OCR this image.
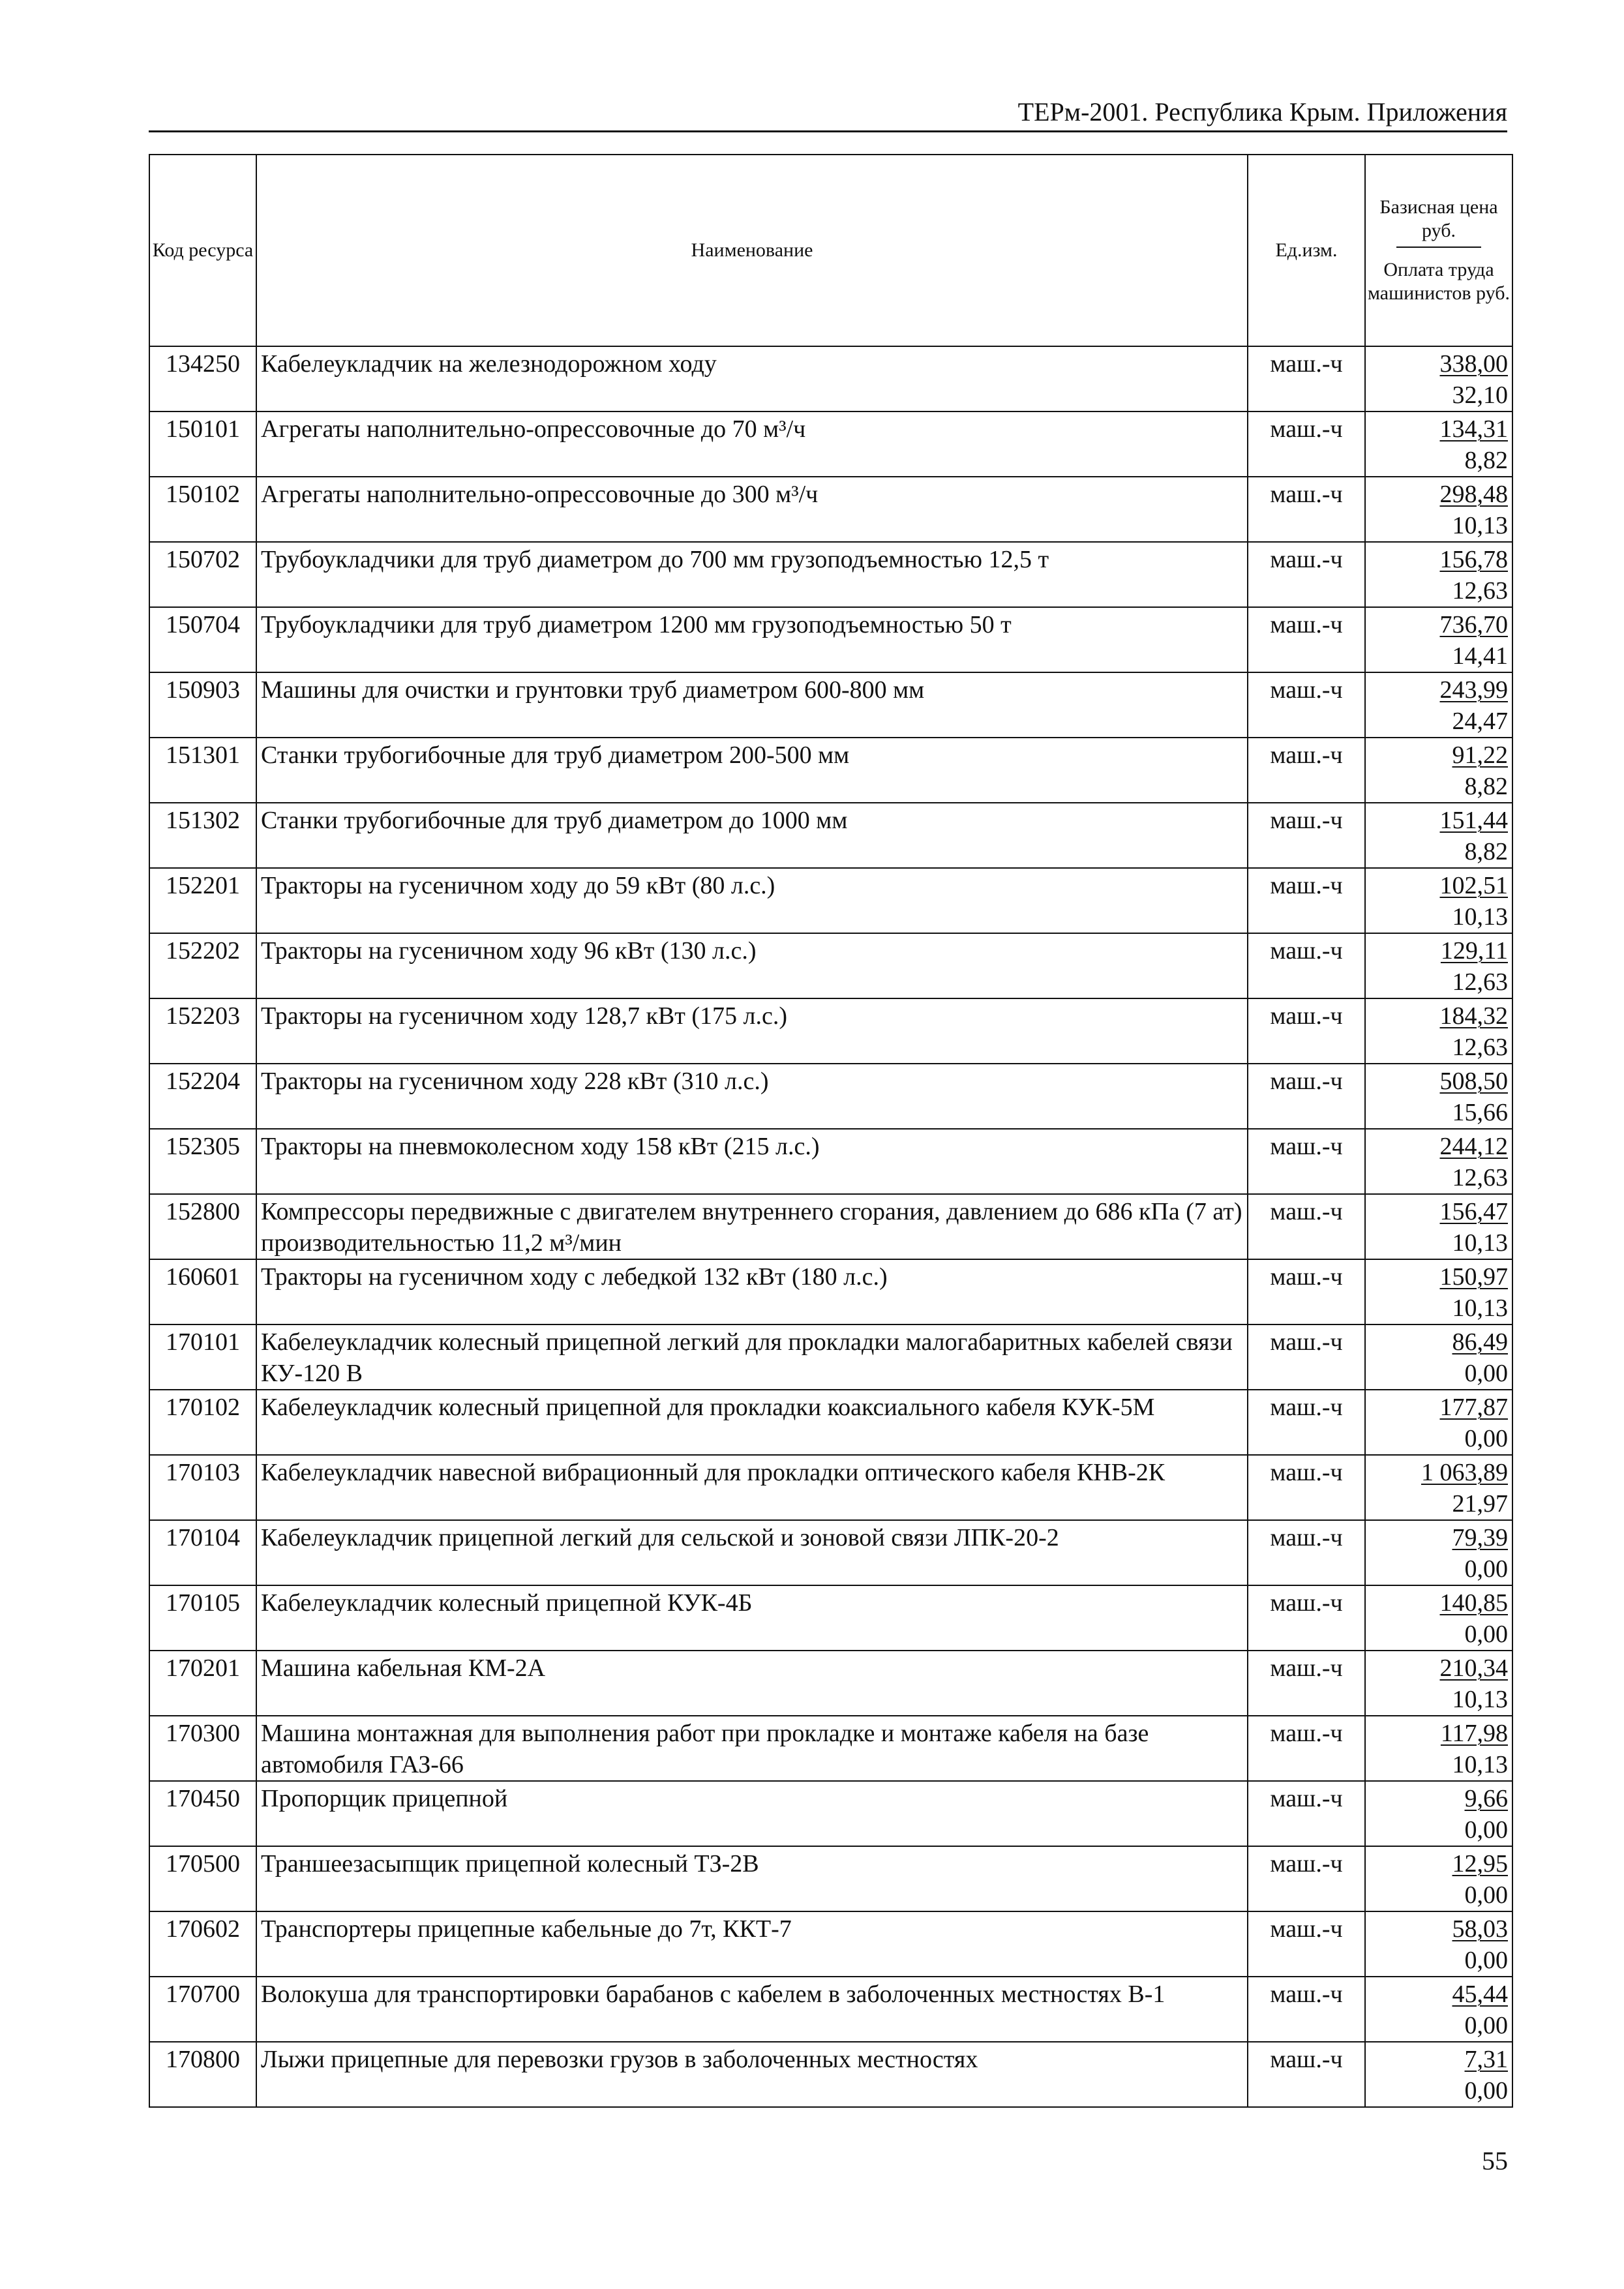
ТЕРм-2001. Республика Крым. Приложения
Код ресурса	Наименование	Ед.изм.	Базисная цена руб.
Оплата труда машинистов руб.
134250	Кабелеукладчик на железнодорожном ходу	маш.-ч	338,00
32,10

150101	Агрегаты наполнительно-опрессовочные до 70 м³/ч	маш.-ч	134,31
8,82

150102	Агрегаты наполнительно-опрессовочные до 300 м³/ч	маш.-ч	298,48
10,13

150702	Трубоукладчики для труб диаметром до 700 мм грузоподъемностью 12,5 т	маш.-ч	156,78
12,63

150704	Трубоукладчики для труб диаметром 1200 мм грузоподъемностью 50 т	маш.-ч	736,70
14,41

150903	Машины для очистки и грунтовки труб диаметром 600-800 мм	маш.-ч	243,99
24,47

151301	Станки трубогибочные для труб диаметром 200-500 мм	маш.-ч	91,22
8,82

151302	Станки трубогибочные для труб диаметром до 1000 мм	маш.-ч	151,44
8,82

152201	Тракторы на гусеничном ходу до 59 кВт (80 л.с.)	маш.-ч	102,51
10,13

152202	Тракторы на гусеничном ходу 96 кВт (130 л.с.)	маш.-ч	129,11
12,63

152203	Тракторы на гусеничном ходу 128,7 кВт (175 л.с.)	маш.-ч	184,32
12,63

152204	Тракторы на гусеничном ходу 228 кВт (310 л.с.)	маш.-ч	508,50
15,66

152305	Тракторы на пневмоколесном ходу 158 кВт (215 л.с.)	маш.-ч	244,12
12,63

152800	Компрессоры передвижные с двигателем внутреннего сгорания, давлением до 686 кПа (7 ат) производительностью 11,2 м³/мин	маш.-ч	156,47
10,13

160601	Тракторы на гусеничном ходу с лебедкой 132 кВт (180 л.с.)	маш.-ч	150,97
10,13

170101	Кабелеукладчик колесный прицепной легкий для прокладки малогабаритных кабелей связи КУ-120 В	маш.-ч	86,49
0,00

170102	Кабелеукладчик колесный прицепной для прокладки коаксиального кабеля КУК-5М	маш.-ч	177,87
0,00

170103	Кабелеукладчик навесной вибрационный для прокладки оптического кабеля КНВ-2К	маш.-ч	1 063,89
21,97

170104	Кабелеукладчик прицепной легкий для сельской и зоновой связи ЛПК-20-2	маш.-ч	79,39
0,00

170105	Кабелеукладчик колесный прицепной КУК-4Б	маш.-ч	140,85
0,00

170201	Машина кабельная КМ-2А	маш.-ч	210,34
10,13

170300	Машина монтажная для выполнения работ при прокладке и монтаже кабеля на базе автомобиля ГАЗ-66	маш.-ч	117,98
10,13

170450	Пропорщик прицепной	маш.-ч	9,66
0,00

170500	Траншеезасыпщик прицепной колесный ТЗ-2В	маш.-ч	12,95
0,00

170602	Транспортеры прицепные кабельные до 7т, ККТ-7	маш.-ч	58,03
0,00

170700	Волокуша для транспортировки барабанов с кабелем в заболоченных местностях В-1	маш.-ч	45,44
0,00

170800	Лыжи прицепные для перевозки грузов в заболоченных местностях	маш.-ч	7,31
0,00
55
